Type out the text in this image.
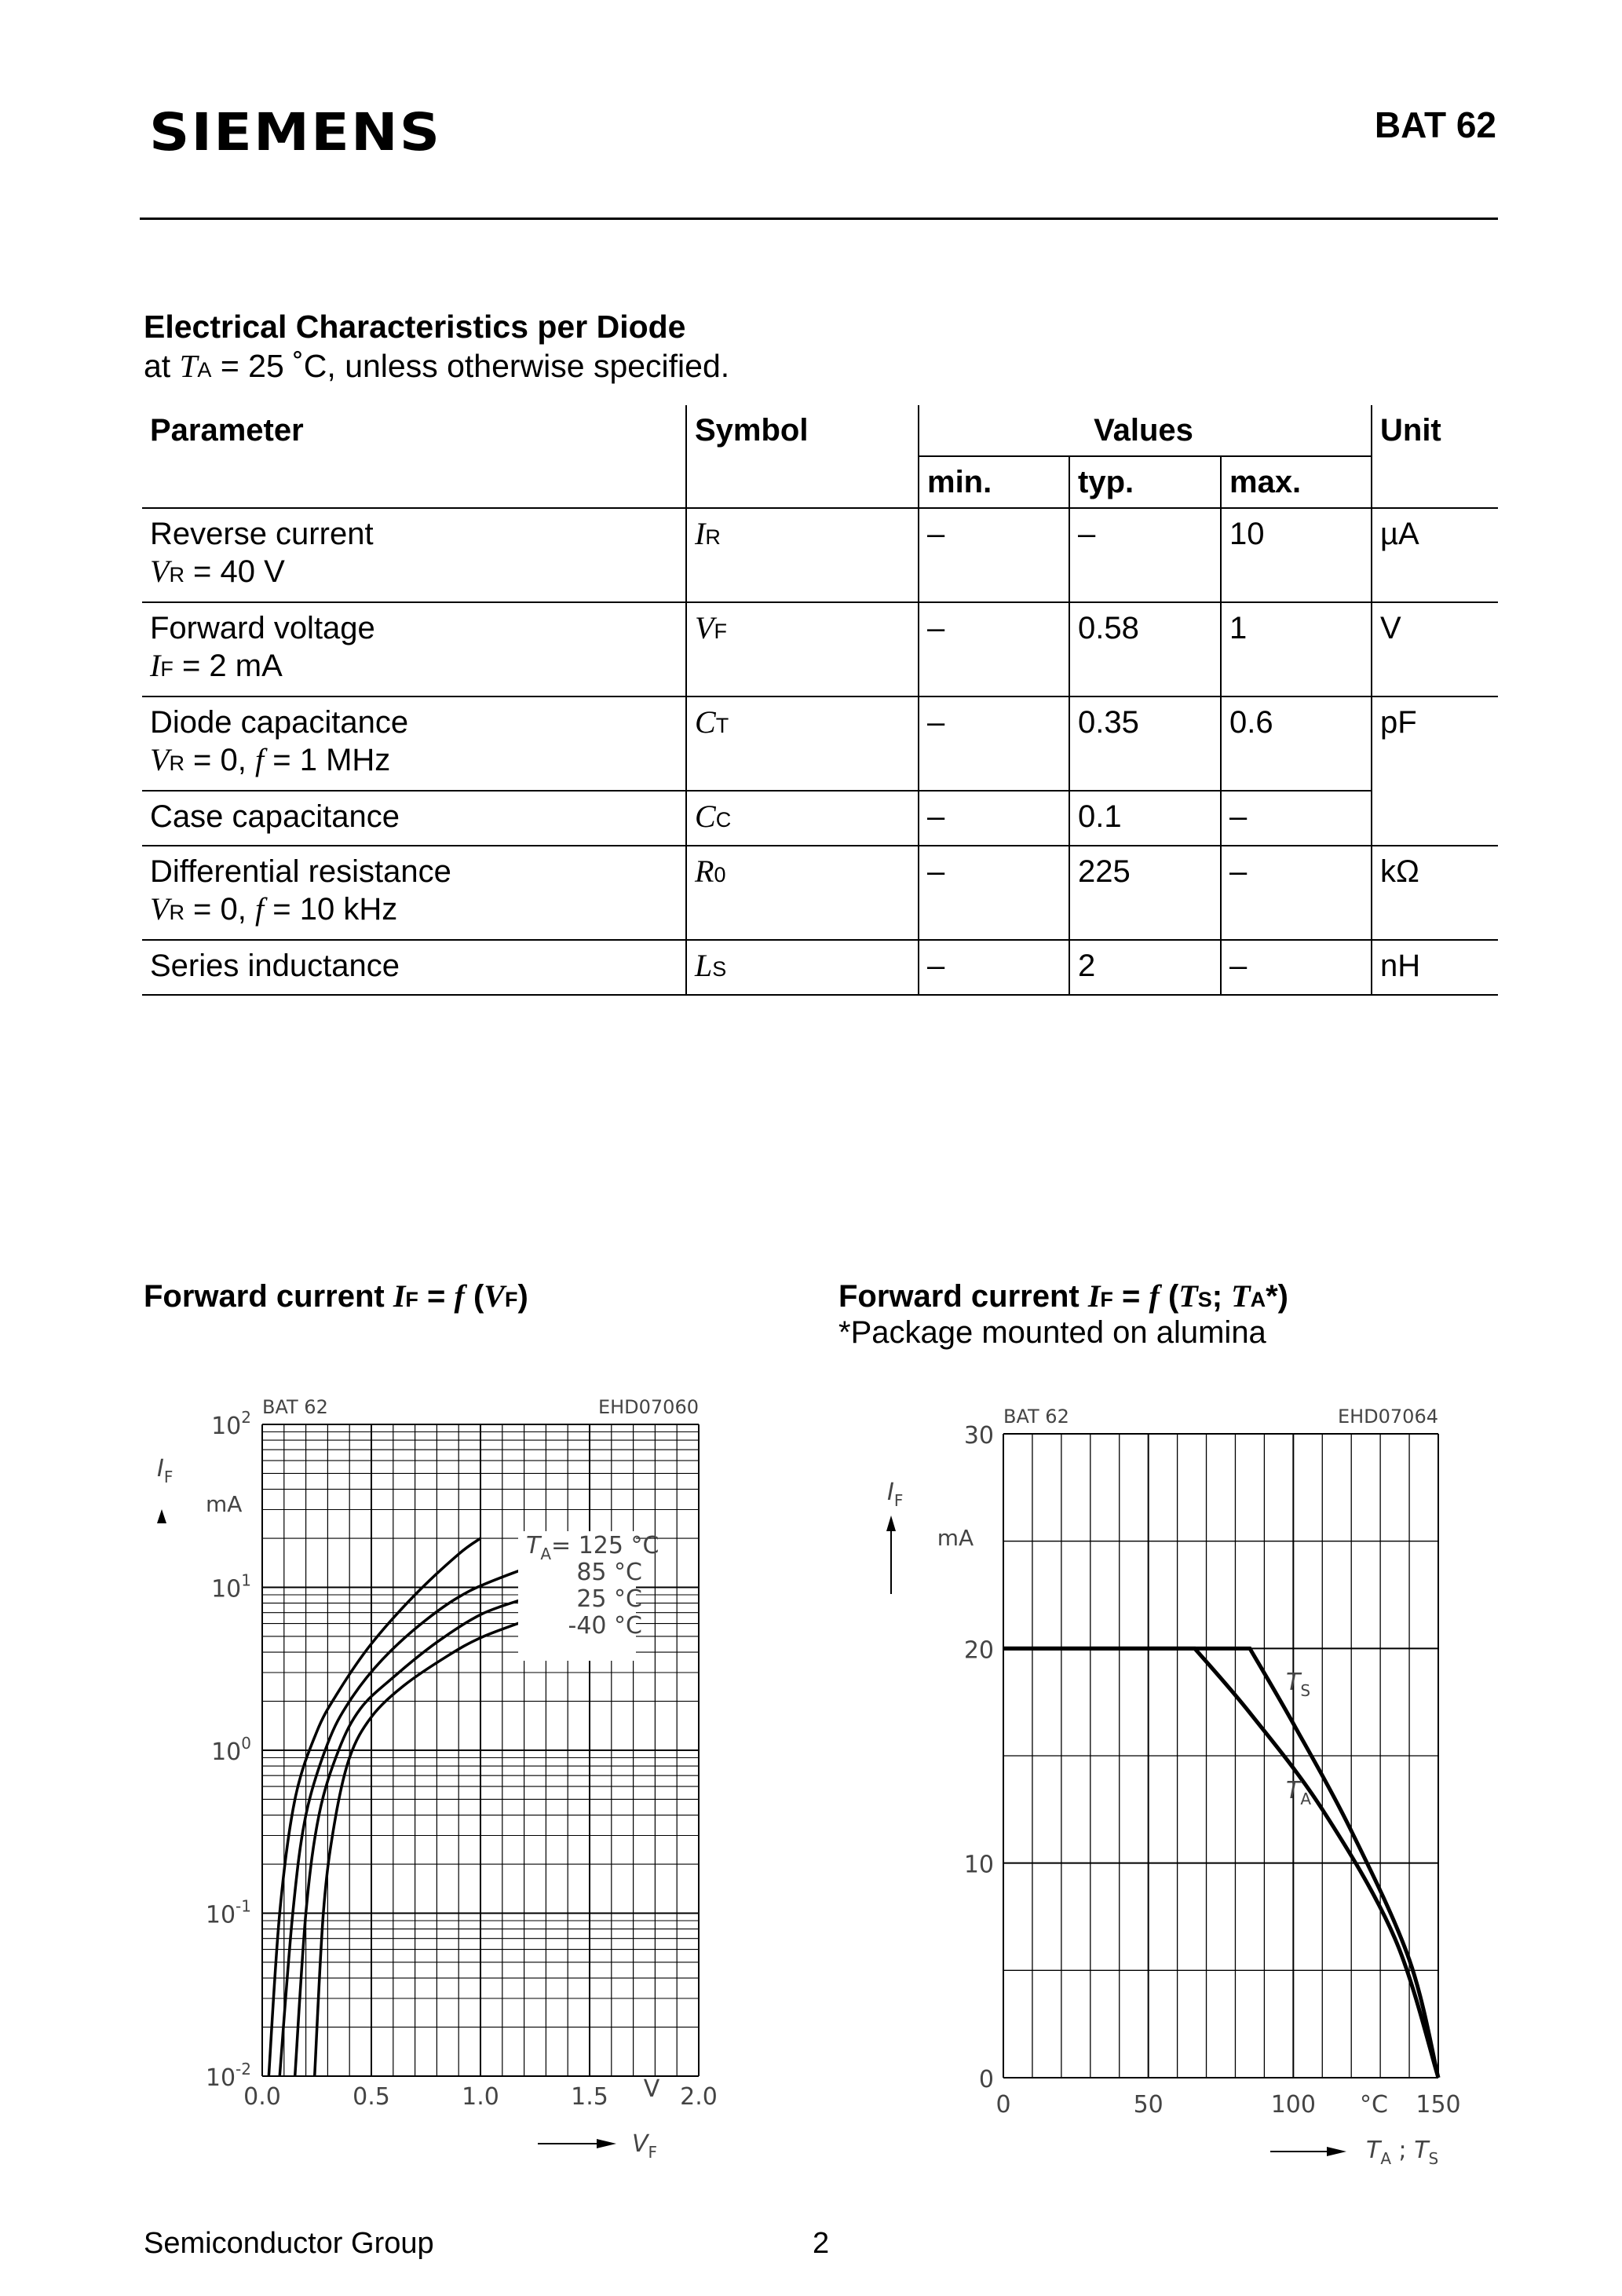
SIEMENS	BAT 62
Electrical Characteristics per Diode
at TA = 25 ˚C, unless otherwise specified.
Parameter	Symbol	Values			Unit
		min.	typ.	max.	
Reverse current
VR = 40 V	IR	–	–	10	µA
Forward voltage
IF = 2 mA	VF	–	0.58	1	V
Diode capacitance
VR = 0, f = 1 MHz	CT	–	0.35	0.6	pF
Case capacitance	CC	–	0.1	–	
Differential resistance
VR = 0, f = 10 kHz	R0	–	225	–	kΩ
Series inductance	LS	–	2	–	nH
Forward current IF = f (VF)	Forward current IF = f (TS; TA*)
*Package mounted on alumina
0.0	0.5	1.0	1.5	2.0
$10^{-2}$
$10^{-1}$
$10^0$
$10^1$
$10^2$ BAT 62	EHD07060
$I_F$
mA
V
$V_F$
$T_A= 125$ °C
85 °C
25 °C
-40 °C
0	50	100	150
0
10
20
30
BAT 62	EHD07064
$I_F$
mA
°C
$T_A$ ; $T_S$
$T_S$
$T_A$
Semiconductor Group	2
